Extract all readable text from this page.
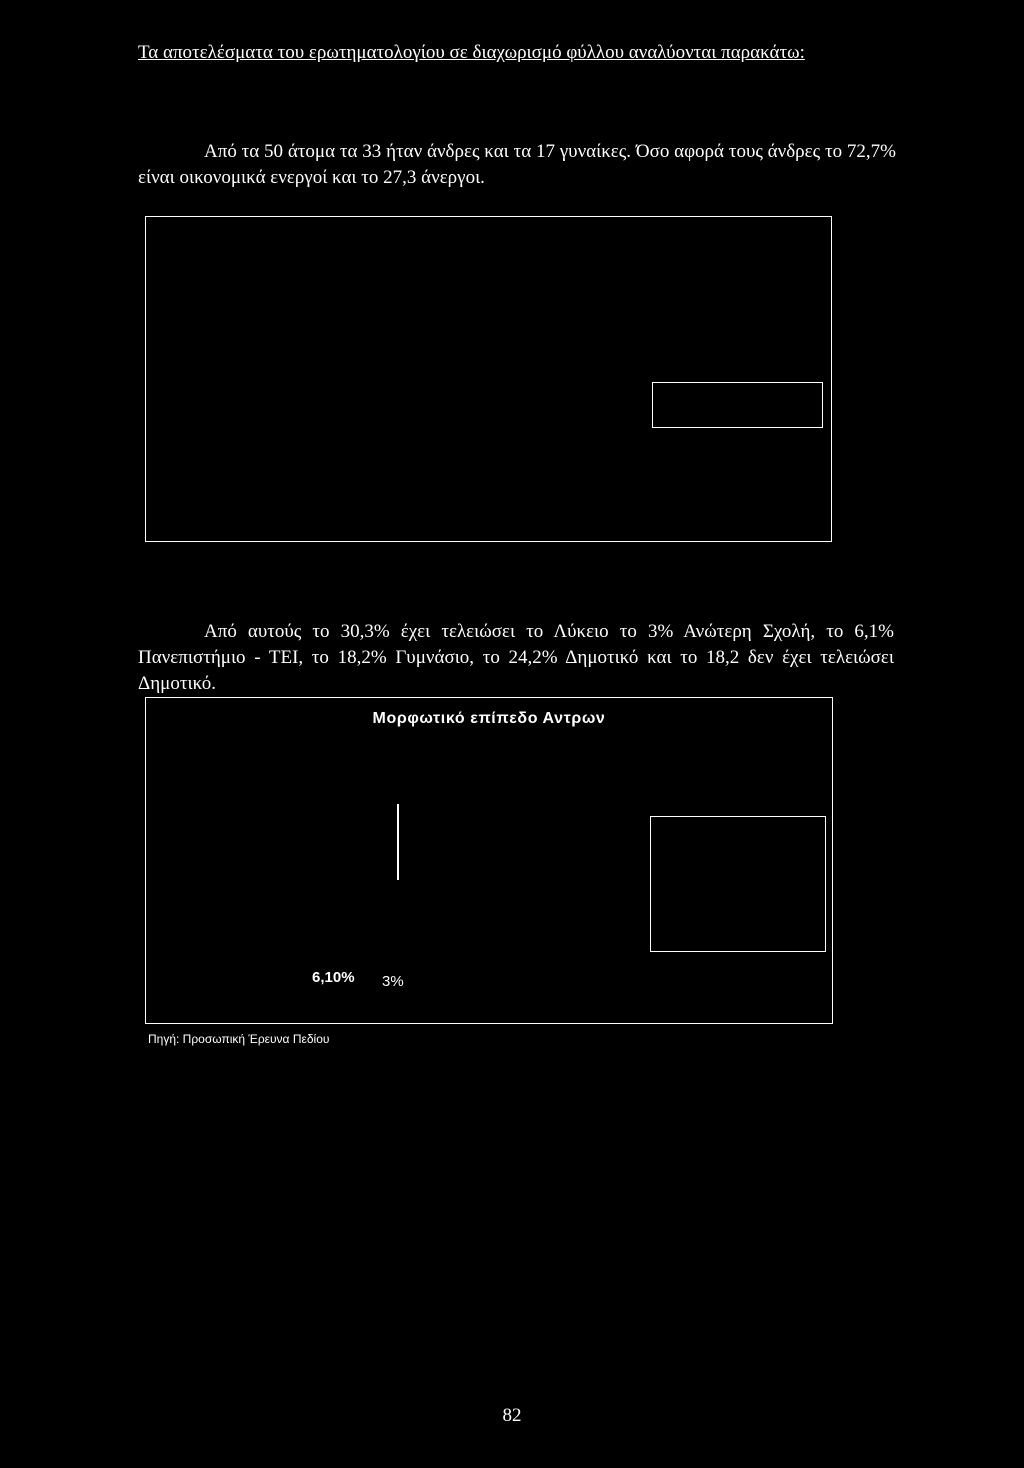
Τα αποτελέσματα του ερωτηματολογίου σε διαχωρισμό φύλλου αναλύονται παρακάτω:
Από τα 50 άτομα τα 33 ήταν άνδρες και τα 17 γυναίκες. Όσο αφορά τους άνδρες το 72,7% είναι οικονομικά ενεργοί και το 27,3 άνεργοι.
Από αυτούς το 30,3% έχει τελειώσει το Λύκειο το 3% Ανώτερη Σχολή, το 6,1% Πανεπιστήμιο - ΤΕΙ, το 18,2% Γυμνάσιο, το 24,2% Δημοτικό και το 18,2 δεν έχει τελειώσει Δημοτικό.
Μορφωτικό επίπεδο Αντρων
6,10% 3%
Πηγή: Προσωπική Έρευνα Πεδίου
82
